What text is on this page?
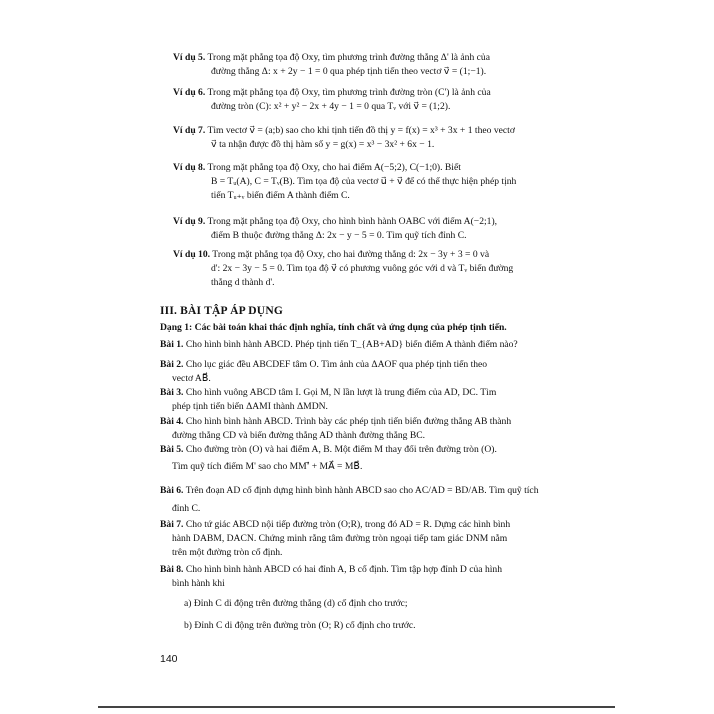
Ví dụ 5. Trong mặt phẳng tọa độ Oxy, tìm phương trình đường thẳng Δ' là ảnh của
đường thẳng Δ: x + 2y − 1 = 0 qua phép tịnh tiến theo vectơ v⃗ = (1;−1).
Ví dụ 6. Trong mặt phẳng tọa độ Oxy, tìm phương trình đường tròn (C') là ảnh của
đường tròn (C): x² + y² − 2x + 4y − 1 = 0 qua Tᵥ với v⃗ = (1;2).
Ví dụ 7. Tìm vectơ v⃗ = (a;b) sao cho khi tịnh tiến đồ thị y = f(x) = x³ + 3x + 1 theo vectơ
v⃗ ta nhận được đồ thị hàm số y = g(x) = x³ − 3x² + 6x − 1.
Ví dụ 8. Trong mặt phẳng tọa độ Oxy, cho hai điểm A(−5;2), C(−1;0). Biết
B = Tᵤ(A), C = Tᵥ(B). Tìm tọa độ của vectơ u⃗ + v⃗ để có thể thực hiện phép tịnh
tiến Tᵤ₊ᵥ biến điểm A thành điểm C.
Ví dụ 9. Trong mặt phẳng tọa độ Oxy, cho hình bình hành OABC với điểm A(−2;1),
điểm B thuộc đường thẳng Δ: 2x − y − 5 = 0. Tìm quỹ tích đỉnh C.
Ví dụ 10. Trong mặt phẳng tọa độ Oxy, cho hai đường thẳng d: 2x − 3y + 3 = 0 và
d': 2x − 3y − 5 = 0. Tìm tọa độ v⃗ có phương vuông góc với d và Tᵥ biến đường
thẳng d thành d'.
III. BÀI TẬP ÁP DỤNG
Dạng 1: Các bài toán khai thác định nghĩa, tính chất và ứng dụng của phép tịnh tiến.
Bài 1. Cho hình bình hành ABCD. Phép tịnh tiến T_{AB+AD} biến điểm A thành điểm nào?
Bài 2. Cho lục giác đều ABCDEF tâm O. Tìm ảnh của ΔAOF qua phép tịnh tiến theo
vectơ AB⃗.
Bài 3. Cho hình vuông ABCD tâm I. Gọi M, N lần lượt là trung điểm của AD, DC. Tìm
phép tịnh tiến biến ΔAMI thành ΔMDN.
Bài 4. Cho hình bình hành ABCD. Trình bày các phép tịnh tiến biến đường thẳng AB thành
đường thẳng CD và biến đường thẳng AD thành đường thẳng BC.
Bài 5. Cho đường tròn (O) và hai điểm A, B. Một điểm M thay đổi trên đường tròn (O).
Tìm quỹ tích điểm M' sao cho MM'⃗ + MA⃗ = MB⃗.
Bài 6. Trên đoạn AD cố định dựng hình bình hành ABCD sao cho AC/AD = BD/AB. Tìm quỹ tích
đỉnh C.
Bài 7. Cho tứ giác ABCD nội tiếp đường tròn (O;R), trong đó AD = R. Dựng các hình bình
hành DABM, DACN. Chứng minh rằng tâm đường tròn ngoại tiếp tam giác DNM nằm
trên một đường tròn cố định.
Bài 8. Cho hình bình hành ABCD có hai đỉnh A, B cố định. Tìm tập hợp đỉnh D của hình
bình hành khi
a) Đỉnh C di động trên đường thẳng (d) cố định cho trước;
b) Đỉnh C di động trên đường tròn (O; R) cố định cho trước.
140
